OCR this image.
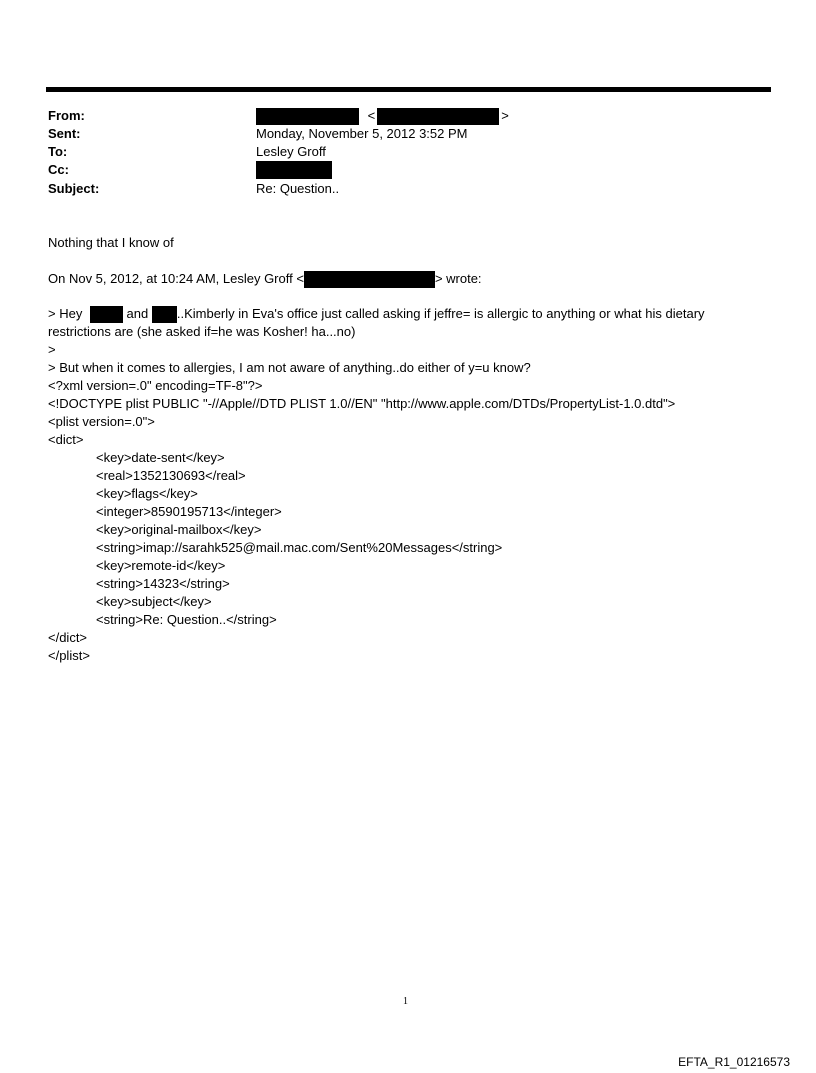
From:	<	>
Sent:	Monday, November 5, 2012 3:52 PM
To:	Lesley Groff
Cc:
Subject:	Re: Question..
Nothing that I know of
On Nov 5, 2012, at 10:24 AM, Lesley Groff <	> wrote:
> Hey	and ..Kimberly in Eva's office just called asking if jeffre= is allergic to anything or what his dietary
restrictions are (she asked if=he was Kosher! ha...no)
>
> But when it comes to allergies, I am not aware of anything..do either of y=u know?
<?xml version=.0" encoding=TF-8"?>
<!DOCTYPE plist PUBLIC "-//Apple//DTD PLIST 1.0//EN" "http://www.apple.com/DTDs/PropertyList-1.0.dtd">
<plist version=.0">
<dict>
<key>date-sent</key>
<real>1352130693</real>
<key>flags</key>
<integer>8590195713</integer>
<key>original-mailbox</key>
<string>imap://sarahk525@mail.mac.com/Sent%20Messages</string>
<key>remote-id</key>
<string>14323</string>
<key>subject</key>
<string>Re: Question..</string>
</dict>
</plist>
1
EFTA_R1_01216573
